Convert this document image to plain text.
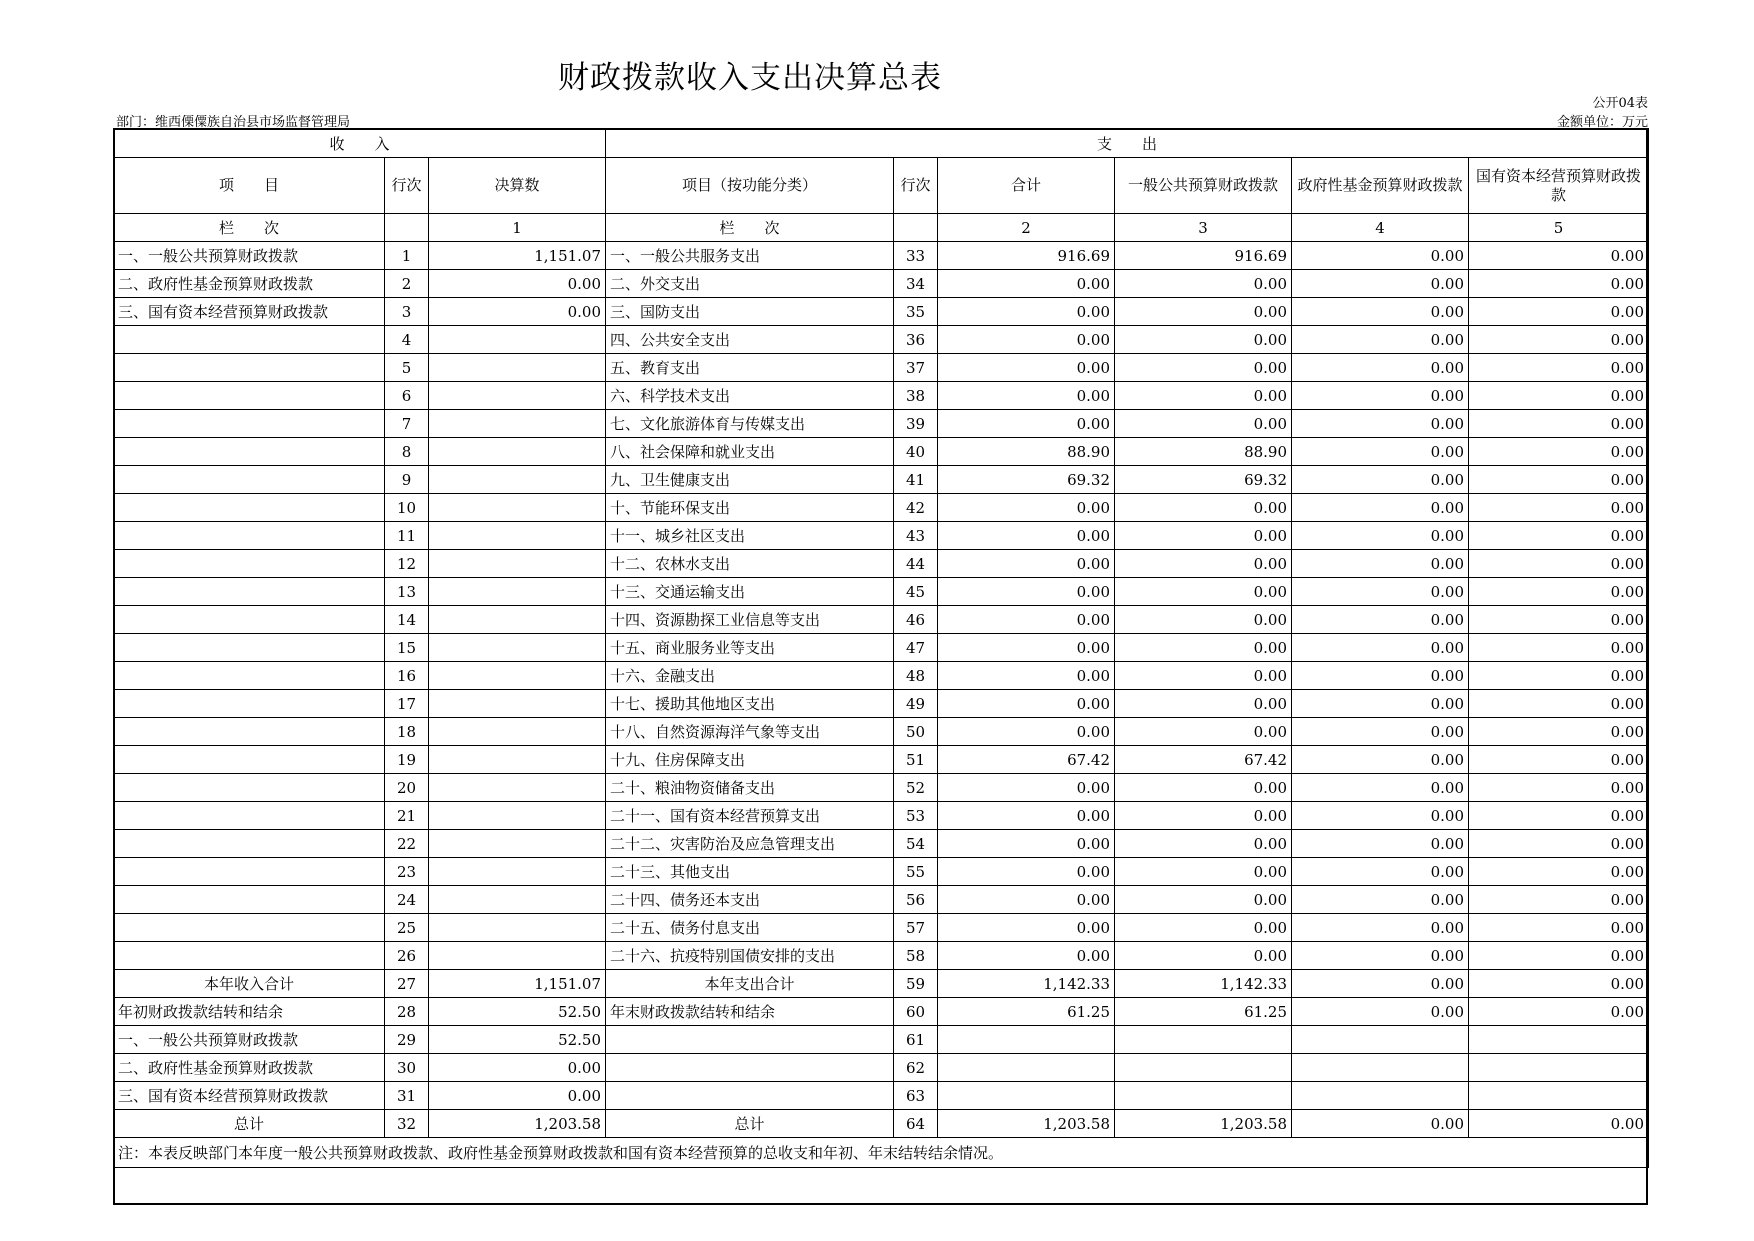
财政拨款收入支出决算总表
公开04表
部门：维西傈僳族自治县市场监督管理局	金额单位：万元
收　　入			支　　出					
项　　目	行次	决算数	项目（按功能分类）	行次	合计	一般公共预算财政拨款	政府性基金预算财政拨款	国有资本经营预算财政拨款
栏　　次		1	栏　　次		2	3	4	5
一、一般公共预算财政拨款	1	1,151.07	一、一般公共服务支出	33	916.69	916.69	0.00	0.00
二、政府性基金预算财政拨款	2	0.00	二、外交支出	34	0.00	0.00	0.00	0.00
三、国有资本经营预算财政拨款	3	0.00	三、国防支出	35	0.00	0.00	0.00	0.00
	4		四、公共安全支出	36	0.00	0.00	0.00	0.00
	5		五、教育支出	37	0.00	0.00	0.00	0.00
	6		六、科学技术支出	38	0.00	0.00	0.00	0.00
	7		七、文化旅游体育与传媒支出	39	0.00	0.00	0.00	0.00
	8		八、社会保障和就业支出	40	88.90	88.90	0.00	0.00
	9		九、卫生健康支出	41	69.32	69.32	0.00	0.00
	10		十、节能环保支出	42	0.00	0.00	0.00	0.00
	11		十一、城乡社区支出	43	0.00	0.00	0.00	0.00
	12		十二、农林水支出	44	0.00	0.00	0.00	0.00
	13		十三、交通运输支出	45	0.00	0.00	0.00	0.00
	14		十四、资源勘探工业信息等支出	46	0.00	0.00	0.00	0.00
	15		十五、商业服务业等支出	47	0.00	0.00	0.00	0.00
	16		十六、金融支出	48	0.00	0.00	0.00	0.00
	17		十七、援助其他地区支出	49	0.00	0.00	0.00	0.00
	18		十八、自然资源海洋气象等支出	50	0.00	0.00	0.00	0.00
	19		十九、住房保障支出	51	67.42	67.42	0.00	0.00
	20		二十、粮油物资储备支出	52	0.00	0.00	0.00	0.00
	21		二十一、国有资本经营预算支出	53	0.00	0.00	0.00	0.00
	22		二十二、灾害防治及应急管理支出	54	0.00	0.00	0.00	0.00
	23		二十三、其他支出	55	0.00	0.00	0.00	0.00
	24		二十四、债务还本支出	56	0.00	0.00	0.00	0.00
	25		二十五、债务付息支出	57	0.00	0.00	0.00	0.00
	26		二十六、抗疫特别国债安排的支出	58	0.00	0.00	0.00	0.00
本年收入合计	27	1,151.07	本年支出合计	59	1,142.33	1,142.33	0.00	0.00
年初财政拨款结转和结余	28	52.50	年末财政拨款结转和结余	60	61.25	61.25	0.00	0.00
一、一般公共预算财政拨款	29	52.50		61				
二、政府性基金预算财政拨款	30	0.00		62				
三、国有资本经营预算财政拨款	31	0.00		63				
总计	32	1,203.58	总计	64	1,203.58	1,203.58	0.00	0.00
注：本表反映部门本年度一般公共预算财政拨款、政府性基金预算财政拨款和国有资本经营预算的总收支和年初、年末结转结余情况。								
